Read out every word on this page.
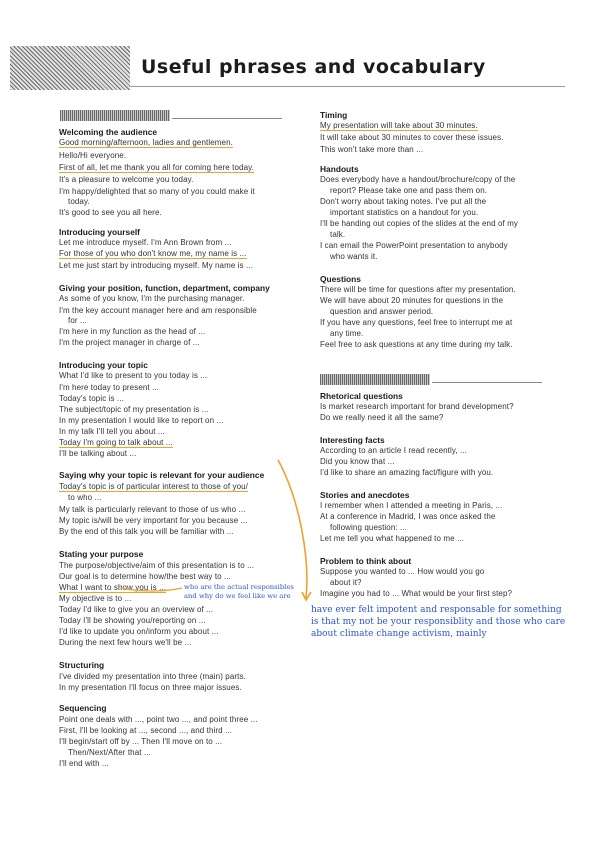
Useful phrases and vocabulary
Welcoming the audience
Good morning/afternoon, ladies and gentlemen.
Hello/Hi everyone.
First of all, let me thank you all for coming here today.
It's a pleasure to welcome you today.
I'm happy/delighted that so many of you could make it
today.
It's good to see you all here.
Introducing yourself
Let me introduce myself. I'm Ann Brown from ...
For those of you who don't know me, my name is ...
Let me just start by introducing myself. My name is ...
Giving your position, function, department, company
As some of you know, I'm the purchasing manager.
I'm the key account manager here and am responsible
for ...
I'm here in my function as the head of ...
I'm the project manager in charge of ...
Introducing your topic
What I'd like to present to you today is ...
I'm here today to present ...
Today's topic is ...
The subject/topic of my presentation is ...
In my presentation I would like to report on ...
In my talk I'll tell you about ...
Today I'm going to talk about ...
I'll be talking about ...
Saying why your topic is relevant for your audience
Today's topic is of particular interest to those of you/
to who ...
My talk is particularly relevant to those of us who ...
My topic is/will be very important for you because ...
By the end of this talk you will be familiar with ...
Stating your purpose
The purpose/objective/aim of this presentation is to ...
Our goal is to determine how/the best way to ...
What I want to show you is ...
My objective is to ...
Today I'd like to give you an overview of ...
Today I'll be showing you/reporting on ...
I'd like to update you on/inform you about ...
During the next few hours we'll be ...
who are the actual responsibles
and why do we feel like we are
Structuring
I've divided my presentation into three (main) parts.
In my presentation I'll focus on three major issues.
Sequencing
Point one deals with ..., point two ..., and point three ...
First, I'll be looking at ..., second ..., and third ...
I'll begin/start off by ... Then I'll move on to ...
Then/Next/After that ...
I'll end with ...
Timing
My presentation will take about 30 minutes.
It will take about 30 minutes to cover these issues.
This won't take more than ...
Handouts
Does everybody have a handout/brochure/copy of the
report? Please take one and pass them on.
Don't worry about taking notes. I've put all the
important statistics on a handout for you.
I'll be handing out copies of the slides at the end of my
talk.
I can email the PowerPoint presentation to anybody
who wants it.
Questions
There will be time for questions after my presentation.
We will have about 20 minutes for questions in the
question and answer period.
If you have any questions, feel free to interrupt me at
any time.
Feel free to ask questions at any time during my talk.
Rhetorical questions
Is market research important for brand development?
Do we really need it all the same?
Interesting facts
According to an article I read recently, ...
Did you know that ...
I'd like to share an amazing fact/figure with you.
Stories and anecdotes
I remember when I attended a meeting in Paris, ...
At a conference in Madrid, I was once asked the
following question: ...
Let me tell you what happened to me ...
Problem to think about
Suppose you wanted to ... How would you go
about it?
Imagine you had to ... What would be your first step?
have ever felt impotent and responsable for something
is that my not be your responsiblity and those who care
about climate change activism, mainly
